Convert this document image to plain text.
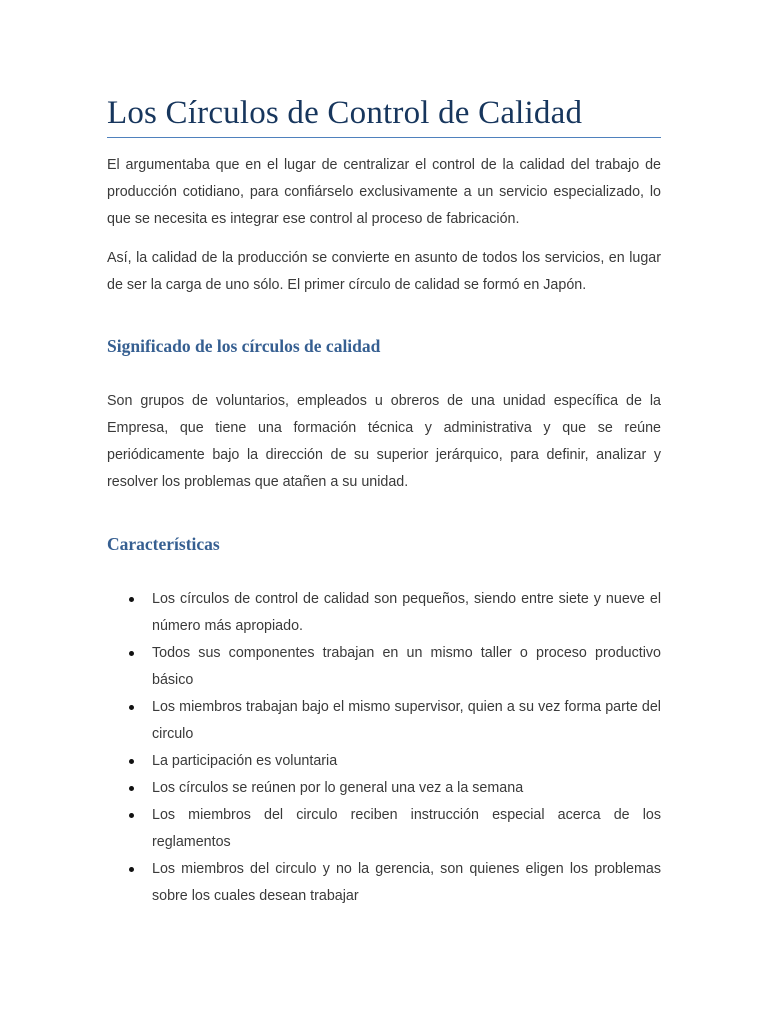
Los Círculos de Control de Calidad

El argumentaba que en el lugar de centralizar el control de la calidad del trabajo de producción cotidiano, para confiárselo exclusivamente a un servicio especializado, lo que se necesita es integrar ese control al proceso de fabricación.

Así, la calidad de la producción se convierte en asunto de todos los servicios, en lugar de ser la carga de uno sólo. El primer círculo de calidad se formó en Japón.

Significado de los círculos de calidad

Son grupos de voluntarios, empleados u obreros de una unidad específica de la Empresa, que tiene una formación técnica y administrativa y que se reúne periódicamente bajo la dirección de su superior jerárquico, para definir, analizar y resolver los problemas que atañen a su unidad.

Características
Los círculos de control de calidad son pequeños, siendo entre siete y nueve el número más apropiado.
Todos sus componentes trabajan en un mismo taller o proceso productivo básico
Los miembros trabajan bajo el mismo supervisor, quien a su vez forma parte del circulo
La participación es voluntaria
Los círculos se reúnen por lo general una vez a la semana
Los miembros del circulo reciben instrucción especial acerca de los reglamentos
Los miembros del circulo y no la gerencia, son quienes eligen los problemas sobre los cuales desean trabajar
